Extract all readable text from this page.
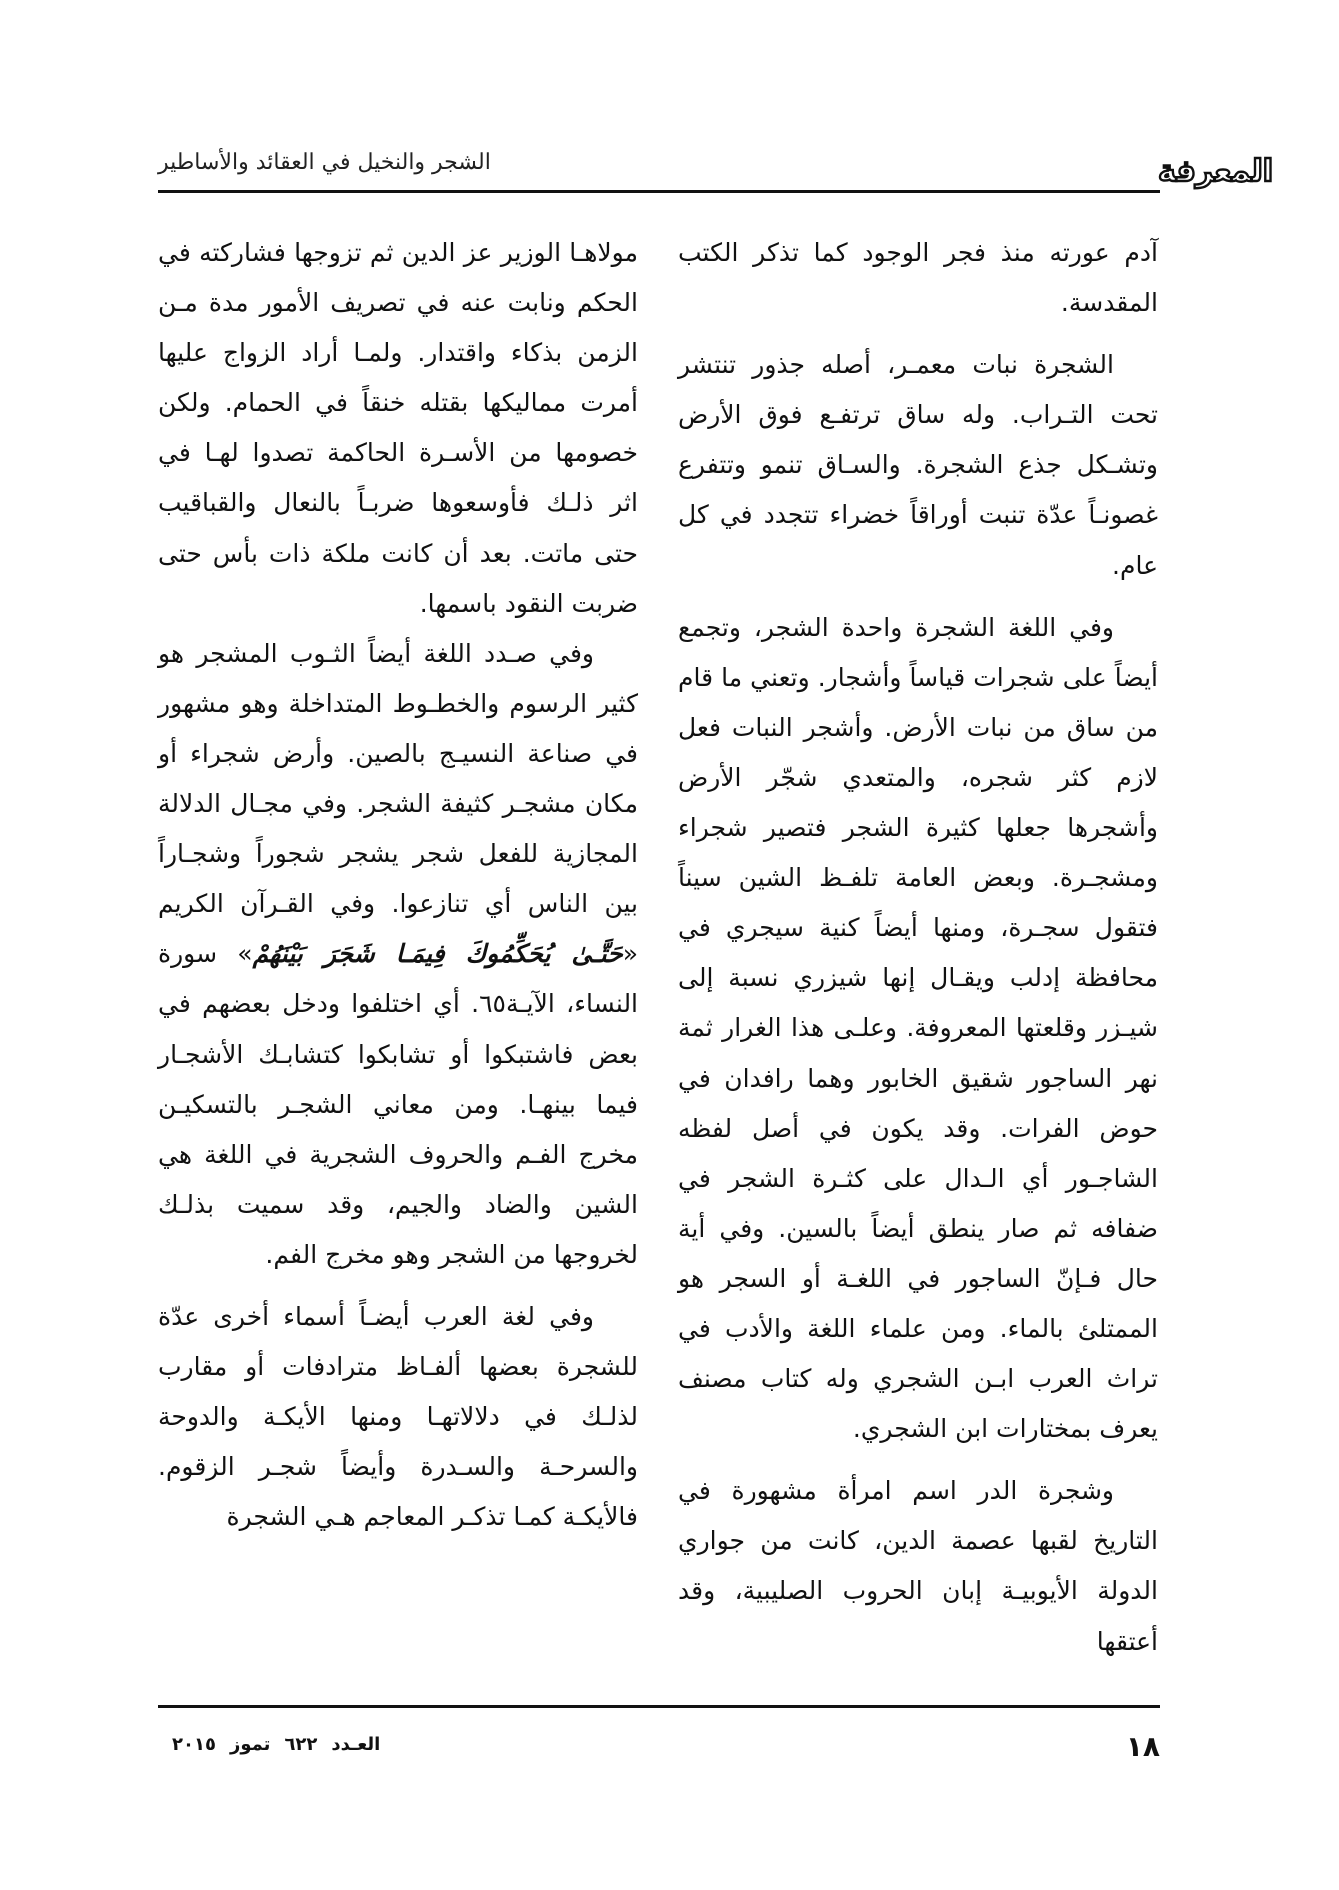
الشجر والنخيل في العقائد والأساطير	المعرفة

آدم عورته منذ فجر الوجود كما تذكر الكتب المقدسة.

الشجرة نبات معمـر، أصله جذور تنتشر تحت التـراب. وله ساق ترتفـع فوق الأرض وتشـكل جذع الشجرة. والسـاق تنمو وتتفرع غصونـاً عدّة تنبت أوراقاً خضراء تتجدد في كل عام.

وفي اللغة الشجرة واحدة الشجر، وتجمع أيضاً على شجرات قياساً وأشجار. وتعني ما قام من ساق من نبات الأرض. وأشجر النبات فعل لازم كثر شجره، والمتعدي شجّر الأرض وأشجرها جعلها كثيرة الشجر فتصير شجراء ومشجـرة. وبعض العامة تلفـظ الشين سيناً فتقول سجـرة، ومنها أيضاً كنية سيجري في محافظة إدلب ويقـال إنها شيزري نسبة إلى شيـزر وقلعتها المعروفة. وعلـى هذا الغرار ثمة نهر الساجور شقيق الخابور وهما رافدان في حوض الفرات. وقد يكون في أصل لفظه الشاجـور أي الـدال على كثـرة الشجر في ضفافه ثم صار ينطق أيضاً بالسين. وفي أية حال فـإنّ الساجور في اللغـة أو السجر هو الممتلئ بالماء. ومن علماء اللغة والأدب في تراث العرب ابـن الشجري وله كتاب مصنف يعرف بمختارات ابن الشجري.

وشجرة الدر اسم امرأة مشهورة في التاريخ لقبها عصمة الدين، كانت من جواري الدولة الأيوبيـة إبان الحروب الصليبية، وقد أعتقها

مولاهـا الوزير عز الدين ثم تزوجها فشاركته في الحكم ونابت عنه في تصريف الأمور مدة مـن الزمن بذكاء واقتدار. ولمـا أراد الزواج عليها أمرت مماليكها بقتله خنقاً في الحمام. ولكن خصومها من الأسـرة الحاكمة تصدوا لهـا في اثر ذلـك فأوسعوها ضربـاً بالنعال والقباقيب حتى ماتت. بعد أن كانت ملكة ذات بأس حتى ضربت النقود باسمها.

وفي صـدد اللغة أيضاً الثـوب المشجر هو كثير الرسوم والخطـوط المتداخلة وهو مشهور في صناعة النسيـج بالصين. وأرض شجراء أو مكان مشجـر كثيفة الشجر. وفي مجـال الدلالة المجازية للفعل شجر يشجر شجوراً وشجـاراً بين الناس أي تنازعوا. وفي القـرآن الكريم «حَتَّـىٰ يُحَكِّمُوكَ فِيمَـا شَجَرَ بَيْنَهُمْ» سورة النساء، الآيـة٦٥. أي اختلفوا ودخل بعضهم في بعض فاشتبكوا أو تشابكوا كتشابـك الأشجـار فيما بينهـا. ومن معاني الشجـر بالتسكيـن مخرج الفـم والحروف الشجرية في اللغة هي الشين والضاد والجيم، وقد سميت بذلـك لخروجها من الشجر وهو مخرج الفم.

وفي لغة العرب أيضـاً أسماء أخرى عدّة للشجرة بعضها ألفـاظ مترادفات أو مقارب لذلـك في دلالاتهـا ومنها الأيكـة والدوحة والسرحـة والسـدرة وأيضاً شجـر الزقوم. فالأيكـة كمـا تذكـر المعاجم هـي الشجرة

١٨
العـدد٦٢٢تموز٢٠١٥
